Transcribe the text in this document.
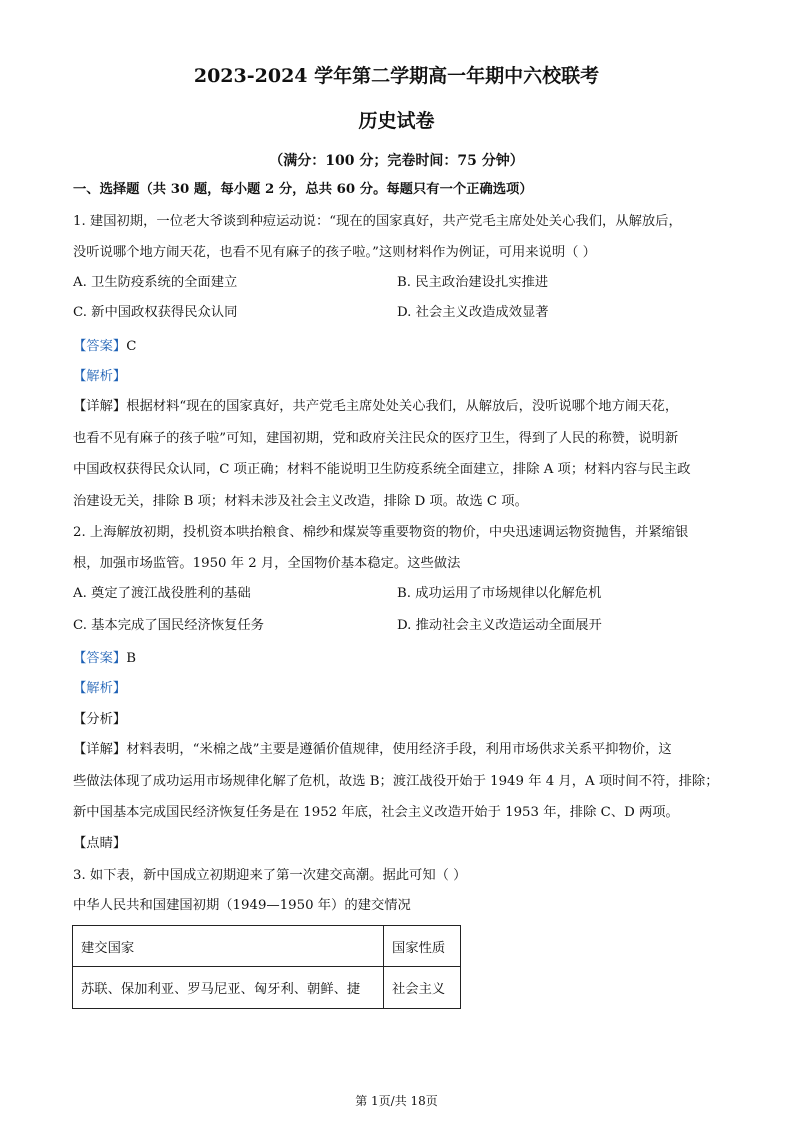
2023-2024 学年第二学期高一年期中六校联考
历史试卷
（满分：100 分；完卷时间：75 分钟）
一、选择题（共 30 题，每小题 2 分，总共 60 分。每题只有一个正确选项）
1. 建国初期，一位老大爷谈到种痘运动说：“现在的国家真好，共产党毛主席处处关心我们，从解放后，
没听说哪个地方闹天花，也看不见有麻子的孩子啦。”这则材料作为例证，可用来说明（ ）
A. 卫生防疫系统的全面建立	B. 民主政治建设扎实推进
C. 新中国政权获得民众认同	D. 社会主义改造成效显著
【答案】C
【解析】
【详解】根据材料“现在的国家真好，共产党毛主席处处关心我们，从解放后，没听说哪个地方闹天花，
也看不见有麻子的孩子啦”可知，建国初期，党和政府关注民众的医疗卫生，得到了人民的称赞，说明新
中国政权获得民众认同，C 项正确；材料不能说明卫生防疫系统全面建立，排除 A 项；材料内容与民主政
治建设无关，排除 B 项；材料未涉及社会主义改造，排除 D 项。故选 C 项。
2. 上海解放初期，投机资本哄抬粮食、棉纱和煤炭等重要物资的物价，中央迅速调运物资抛售，并紧缩银
根，加强市场监管。1950 年 2 月，全国物价基本稳定。这些做法
A. 奠定了渡江战役胜利的基础	B. 成功运用了市场规律以化解危机
C. 基本完成了国民经济恢复任务	D. 推动社会主义改造运动全面展开
【答案】B
【解析】
【分析】
【详解】材料表明，“米棉之战”主要是遵循价值规律，使用经济手段，利用市场供求关系平抑物价，这
些做法体现了成功运用市场规律化解了危机，故选 B；渡江战役开始于 1949 年 4 月，A 项时间不符，排除；
新中国基本完成国民经济恢复任务是在 1952 年底，社会主义改造开始于 1953 年，排除 C、D 两项。
【点睛】
3. 如下表，新中国成立初期迎来了第一次建交高潮。据此可知（ ）
中华人民共和国建国初期（1949—1950 年）的建交情况
建交国家	国家性质
苏联、保加利亚、罗马尼亚、匈牙利、朝鲜、捷	社会主义
第 1页/共 18页
